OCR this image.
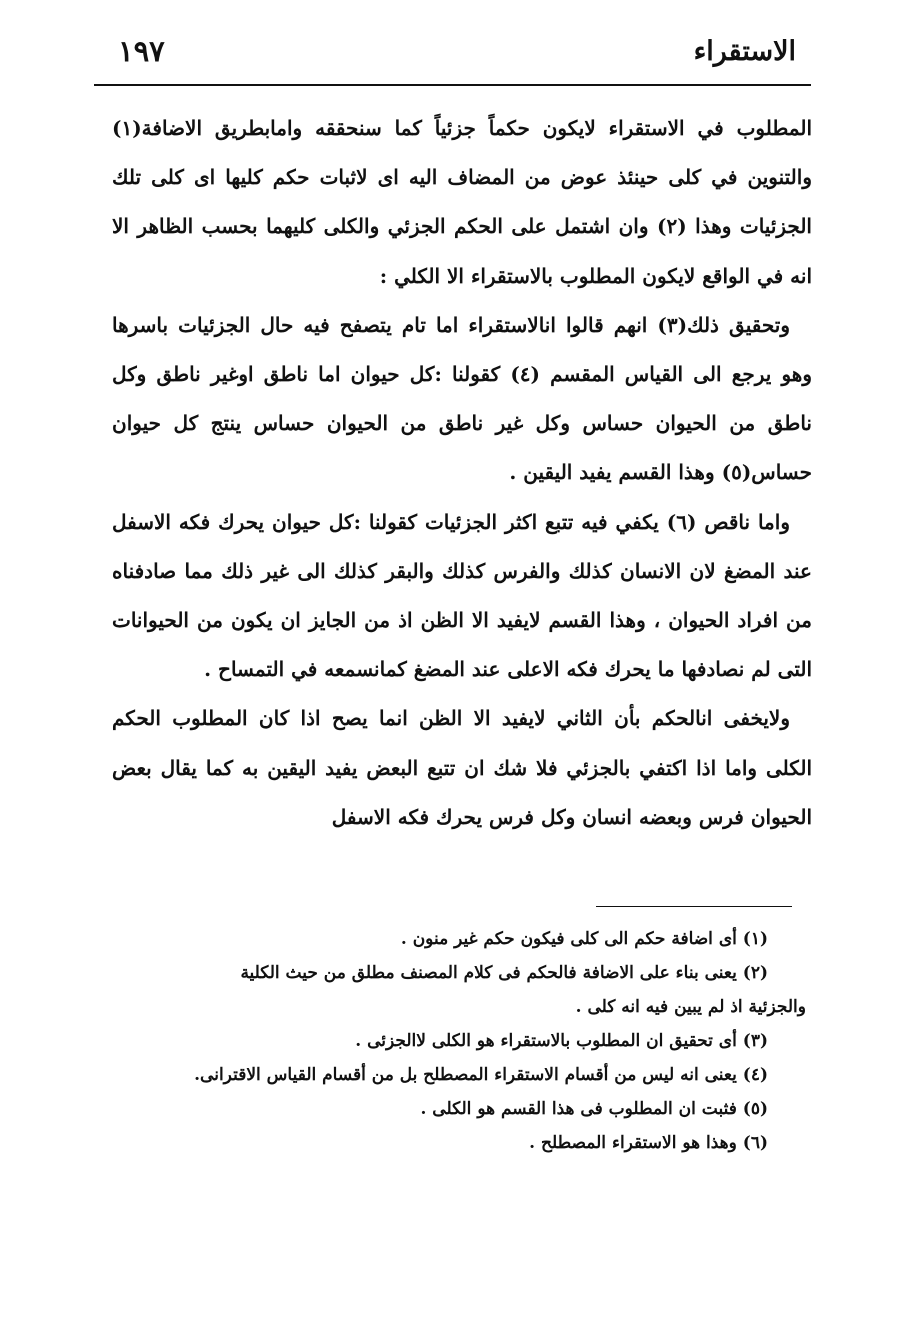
الاستقراء
١٩٧

المطلوب في الاستقراء لايكون حكماً جزئياً كما سنحققه وامابطريق الاضافة(١) والتنوين في كلى حينئذ عوض من المضاف اليه اى لاثبات حكم كليها اى كلى تلك الجزئيات وهذا (٢) وان اشتمل على الحكم الجزئي والكلى كليهما بحسب الظاهر الا انه في الواقع لايكون المطلوب بالاستقراء الا الكلي :

وتحقيق ذلك(٣) انهم قالوا انالاستقراء اما تام يتصفح فيه حال الجزئيات باسرها وهو يرجع الى القياس المقسم (٤) كقولنا :كل حيوان اما ناطق اوغير ناطق وكل ناطق من الحيوان حساس وكل غير ناطق من الحيوان حساس ينتج كل حيوان حساس(٥) وهذا القسم يفيد اليقين .

واما ناقص (٦) يكفي فيه تتبع اكثر الجزئيات كقولنا :كل حيوان يحرك فكه الاسفل عند المضغ لان الانسان كذلك والفرس كذلك والبقر كذلك الى غير ذلك مما صادفناه من افراد الحيوان ، وهذا القسم لايفيد الا الظن اذ من الجايز ان يكون من الحيوانات التى لم نصادفها ما يحرك فكه الاعلى عند المضغ كمانسمعه في التمساح .

ولايخفى انالحكم بأن الثاني لايفيد الا الظن انما يصح اذا كان المطلوب الحكم الكلى واما اذا اكتفي بالجزئي فلا شك ان تتبع البعض يفيد اليقين به كما يقال بعض الحيوان فرس وبعضه انسان وكل فرس يحرك فكه الاسفل

(١) أى اضافة حكم الى كلى فيكون حكم غير منون .

(٢) يعنى بناء على الاضافة فالحكم فى كلام المصنف مطلق من حيث الكلية

والجزئية اذ لم يبين فيه انه كلى .

(٣) أى تحقيق ان المطلوب بالاستقراء هو الكلى لاالجزئى .

(٤) يعنى انه ليس من أقسام الاستقراء المصطلح بل من أقسام القياس الاقترانى.

(٥) فثبت ان المطلوب فى هذا القسم هو الكلى .

(٦) وهذا هو الاستقراء المصطلح .
